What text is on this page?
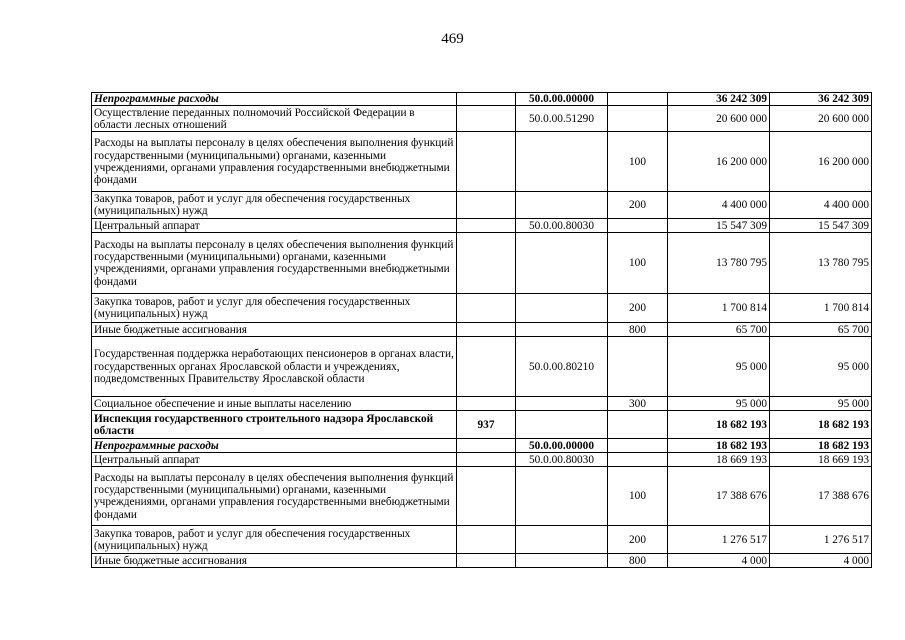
469
Непрограммные расходы		50.0.00.00000		36 242 309	36 242 309
Осуществление переданных полномочий Российской Федерации в области лесных отношений		50.0.00.51290		20 600 000	20 600 000
Расходы на выплаты персоналу в целях обеспечения выполнения функций государственными (муниципальными) органами, казенными учреждениями, органами управления государственными внебюджетными фондами			100	16 200 000	16 200 000
Закупка товаров, работ и услуг для обеспечения государственных (муниципальных) нужд			200	4 400 000	4 400 000
Центральный аппарат		50.0.00.80030		15 547 309	15 547 309
Расходы на выплаты персоналу в целях обеспечения выполнения функций государственными (муниципальными) органами, казенными учреждениями, органами управления государственными внебюджетными фондами			100	13 780 795	13 780 795
Закупка товаров, работ и услуг для обеспечения государственных (муниципальных) нужд			200	1 700 814	1 700 814
Иные бюджетные ассигнования			800	65 700	65 700
Государственная поддержка неработающих пенсионеров в органах власти, государственных органах Ярославской области и учреждениях, подведомственных Правительству Ярославской области		50.0.00.80210		95 000	95 000
Социальное обеспечение и иные выплаты населению			300	95 000	95 000
Инспекция государственного строительного надзора Ярославской области	937			18 682 193	18 682 193
Непрограммные расходы		50.0.00.00000		18 682 193	18 682 193
Центральный аппарат		50.0.00.80030		18 669 193	18 669 193
Расходы на выплаты персоналу в целях обеспечения выполнения функций государственными (муниципальными) органами, казенными учреждениями, органами управления государственными внебюджетными фондами			100	17 388 676	17 388 676
Закупка товаров, работ и услуг для обеспечения государственных (муниципальных) нужд			200	1 276 517	1 276 517
Иные бюджетные ассигнования			800	4 000	4 000
